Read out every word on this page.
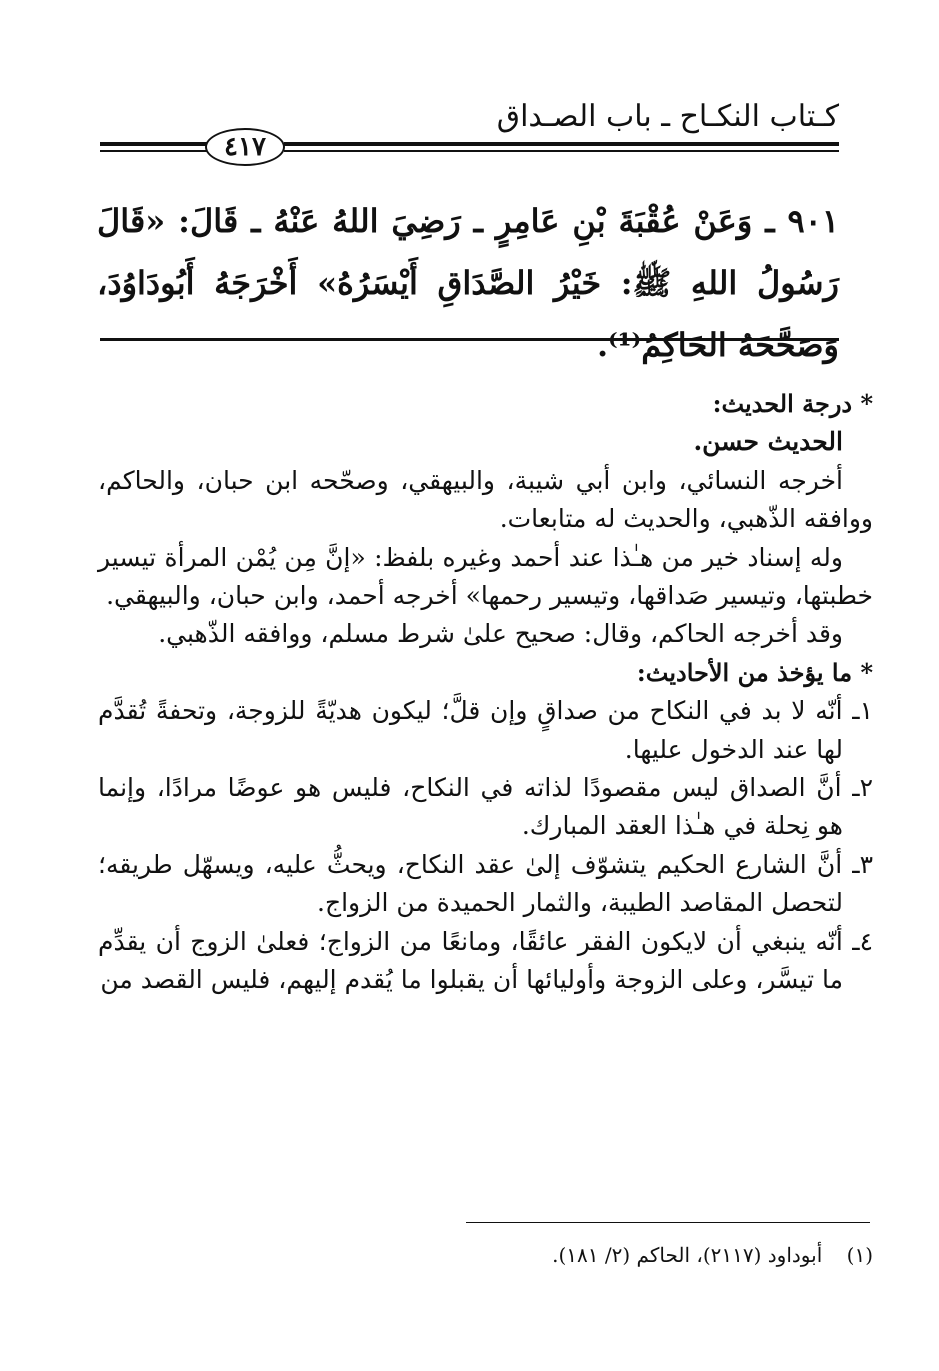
كـتاب النكـاح ـ باب الصـداق
٤١٧
٩٠١ ـ وَعَنْ عُقْبَةَ بْنِ عَامِرٍ ـ رَضِيَ اللهُ عَنْهُ ـ قَالَ: «قَالَ رَسُولُ اللهِ ﷺ: خَيْرُ الصَّدَاقِ أَيْسَرُهُ» أَخْرَجَهُ أَبُودَاوُدَ، وَصَحَّحَهُ الحَاكِمُ⁽¹⁾.

* درجة الحديث:

الحديث حسن.

أخرجه النسائي، وابن أبي شيبة، والبيهقي، وصحّحه ابن حبان، والحاكم، ووافقه الذّهبي، والحديث له متابعات.

وله إسناد خير من هـٰذا عند أحمد وغيره بلفظ: «إنَّ مِن يُمْن المرأة تيسير خطبتها، وتيسير صَداقها، وتيسير رحمها» أخرجه أحمد، وابن حبان، والبيهقي.

وقد أخرجه الحاكم، وقال: صحيح علىٰ شرط مسلم، ووافقه الذّهبي.

* ما يؤخذ من الأحاديث:

١ـ أنّه لا بد في النكاح من صداقٍ وإن قلَّ؛ ليكون هديّةً للزوجة، وتحفةً تُقدَّم لها عند الدخول عليها.

٢ـ أنَّ الصداق ليس مقصودًا لذاته في النكاح، فليس هو عوضًا مرادًا، وإنما هو نِحلة في هـٰذا العقد المبارك.

٣ـ أنَّ الشارع الحكيم يتشوّف إلىٰ عقد النكاح، ويحثُّ عليه، ويسهّل طريقه؛ لتحصل المقاصد الطيبة، والثمار الحميدة من الزواج.

٤ـ أنّه ينبغي أن لايكون الفقر عائقًا، ومانعًا من الزواج؛ فعلىٰ الزوج أن يقدِّم ما تيسَّر، وعلى الزوجة وأوليائها أن يقبلوا ما يُقدم إليهم، فليس القصد من

(١) أبوداود (٢١١٧)، الحاكم (٢/ ١٨١).
